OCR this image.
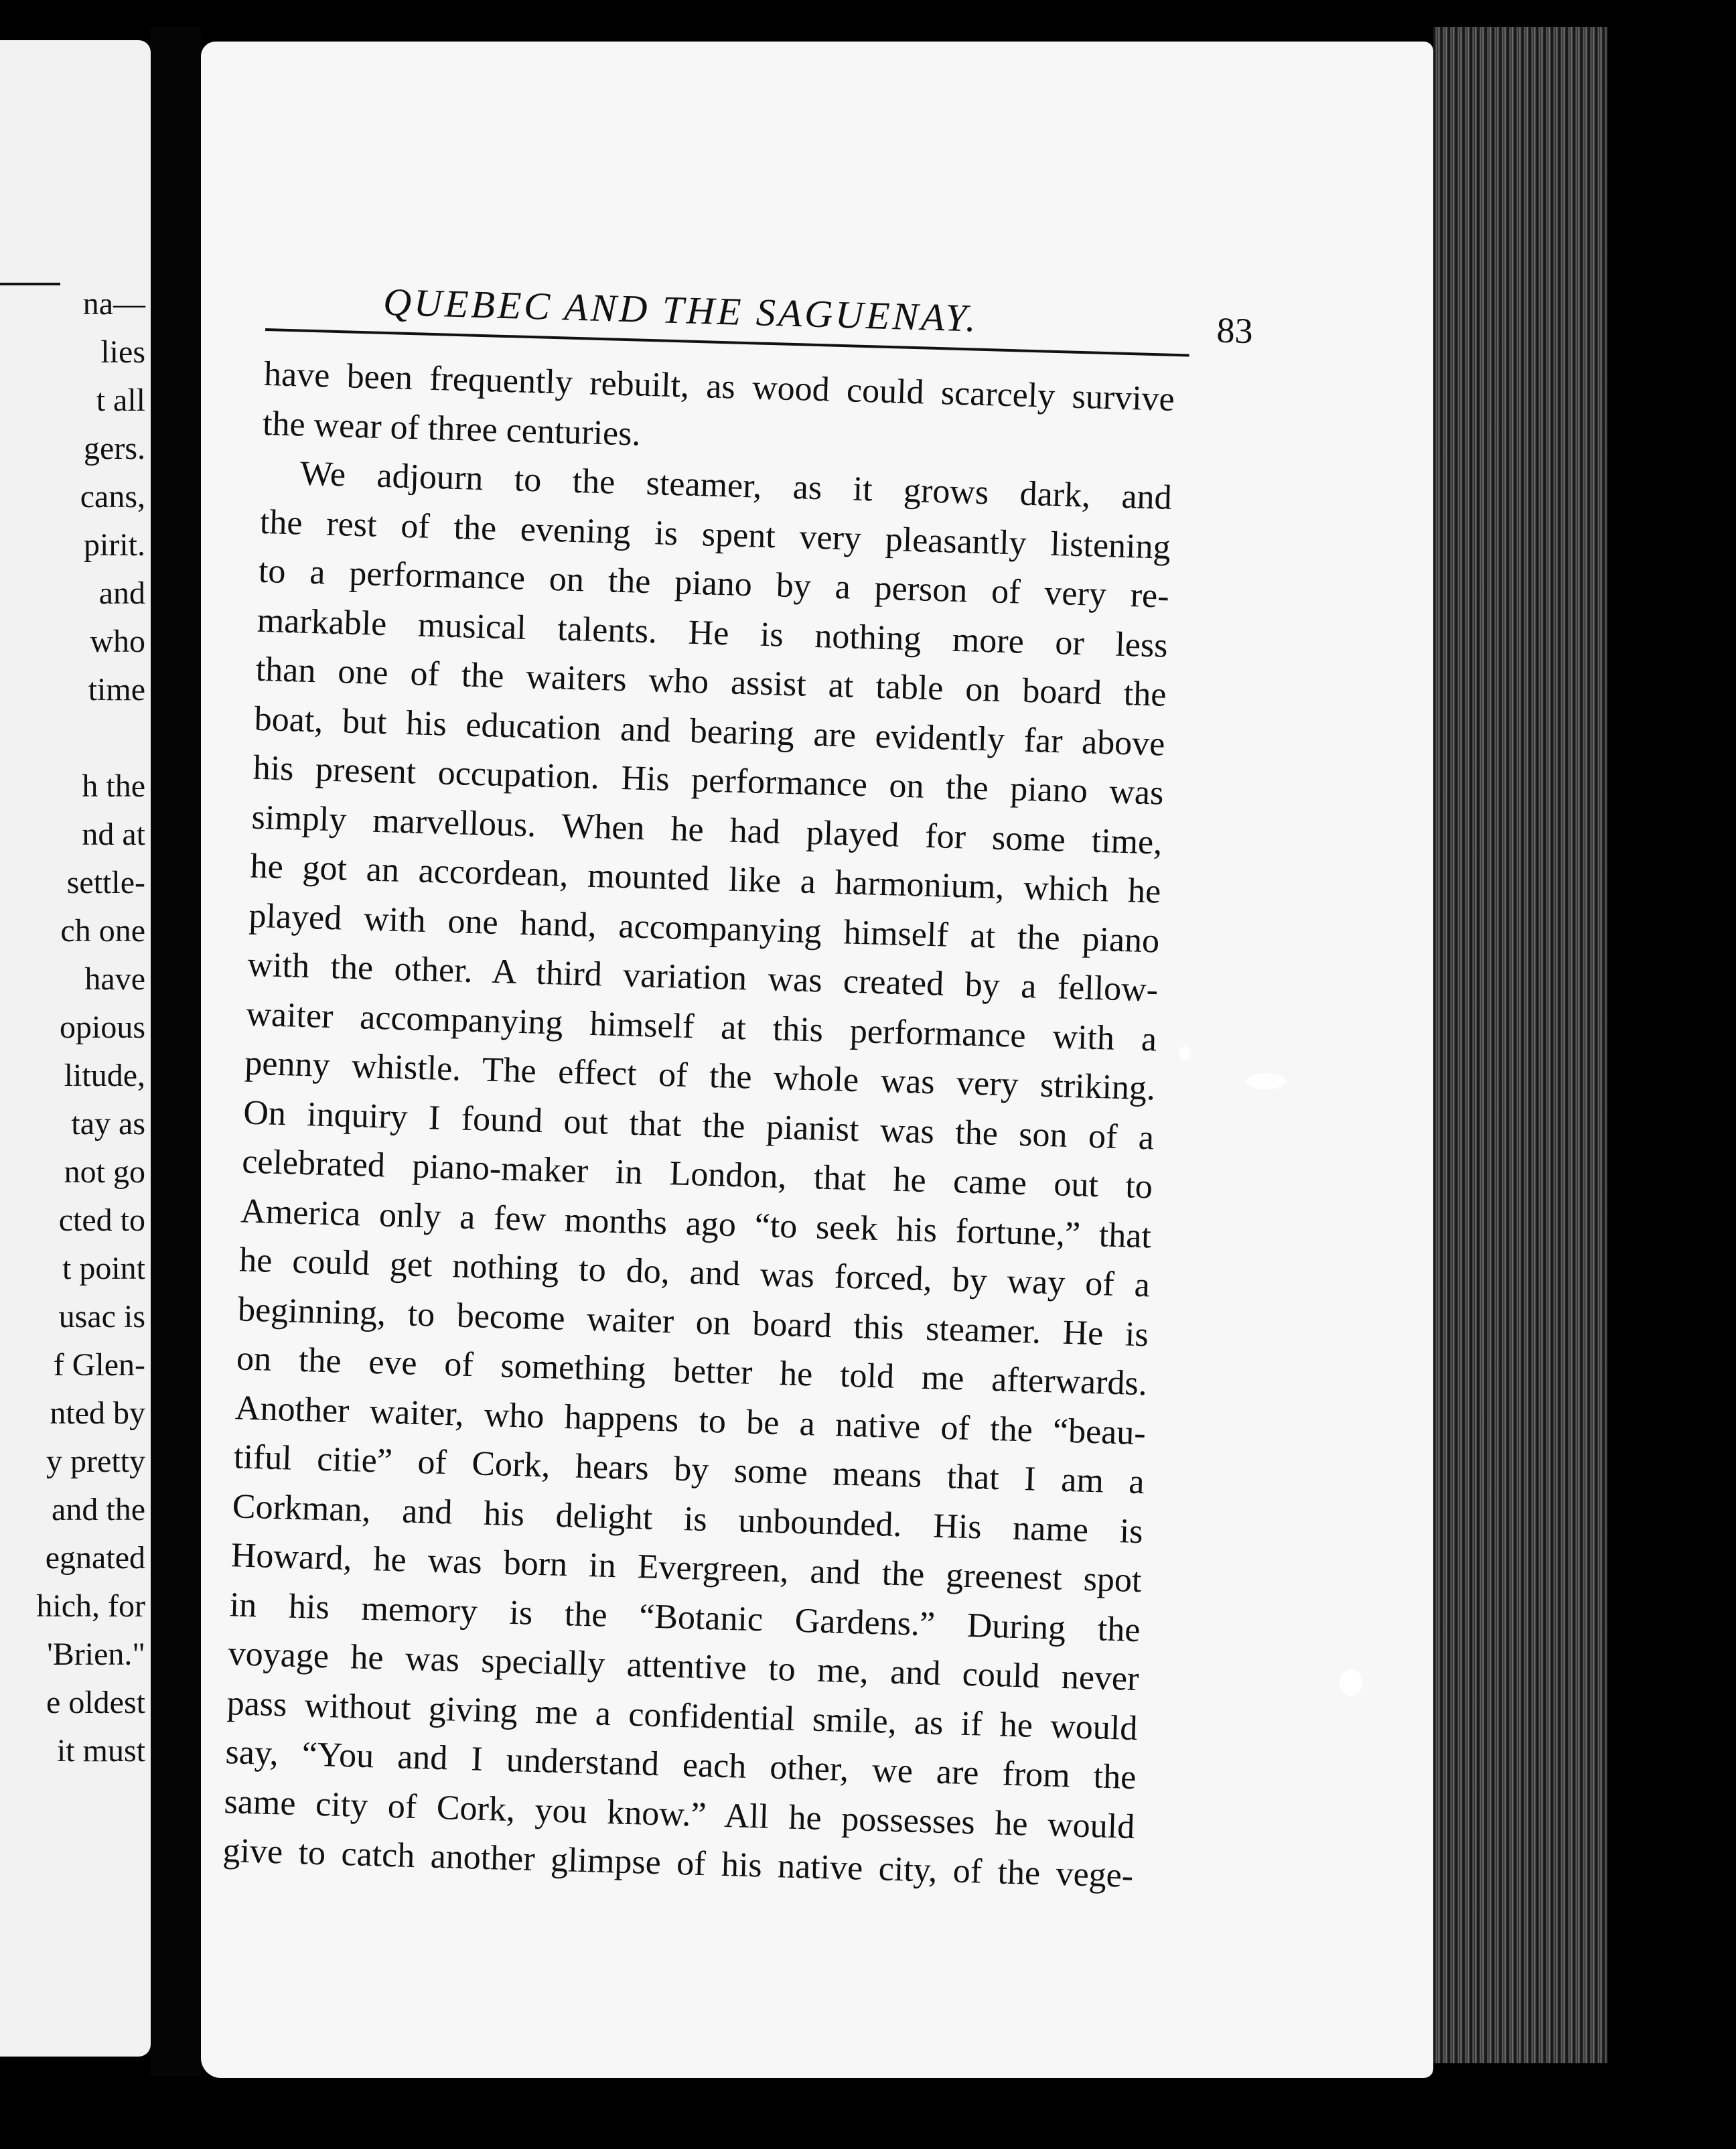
na—
lies
t all
gers.
cans,
pirit.
and
who
time
h the
nd at
settle-
ch one
have
opious
litude,
tay as
not go
cted to
t point
usac is
f Glen-
nted by
y pretty
and the
egnated
hich, for
'Brien."
e oldest
it must
QUEBEC AND THE SAGUENAY.	83
have been frequently rebuilt, as wood could scarcely survive
the wear of three centuries.
We adjourn to the steamer, as it grows dark, and
the rest of the evening is spent very pleasantly listening
to a performance on the piano by a person of very re-
markable musical talents. He is nothing more or less
than one of the waiters who assist at table on board the
boat, but his education and bearing are evidently far above
his present occupation. His performance on the piano was
simply marvellous. When he had played for some time,
he got an accordean, mounted like a harmonium, which he
played with one hand, accompanying himself at the piano
with the other. A third variation was created by a fellow-
waiter accompanying himself at this performance with a
penny whistle. The effect of the whole was very striking.
On inquiry I found out that the pianist was the son of a
celebrated piano-maker in London, that he came out to
America only a few months ago “to seek his fortune,” that
he could get nothing to do, and was forced, by way of a
beginning, to become waiter on board this steamer. He is
on the eve of something better he told me afterwards.
Another waiter, who happens to be a native of the “beau-
tiful citie” of Cork, hears by some means that I am a
Corkman, and his delight is unbounded. His name is
Howard, he was born in Evergreen, and the greenest spot
in his memory is the “Botanic Gardens.” During the
voyage he was specially attentive to me, and could never
pass without giving me a confidential smile, as if he would
say, “You and I understand each other, we are from the
same city of Cork, you know.” All he possesses he would
give to catch another glimpse of his native city, of the vege-
